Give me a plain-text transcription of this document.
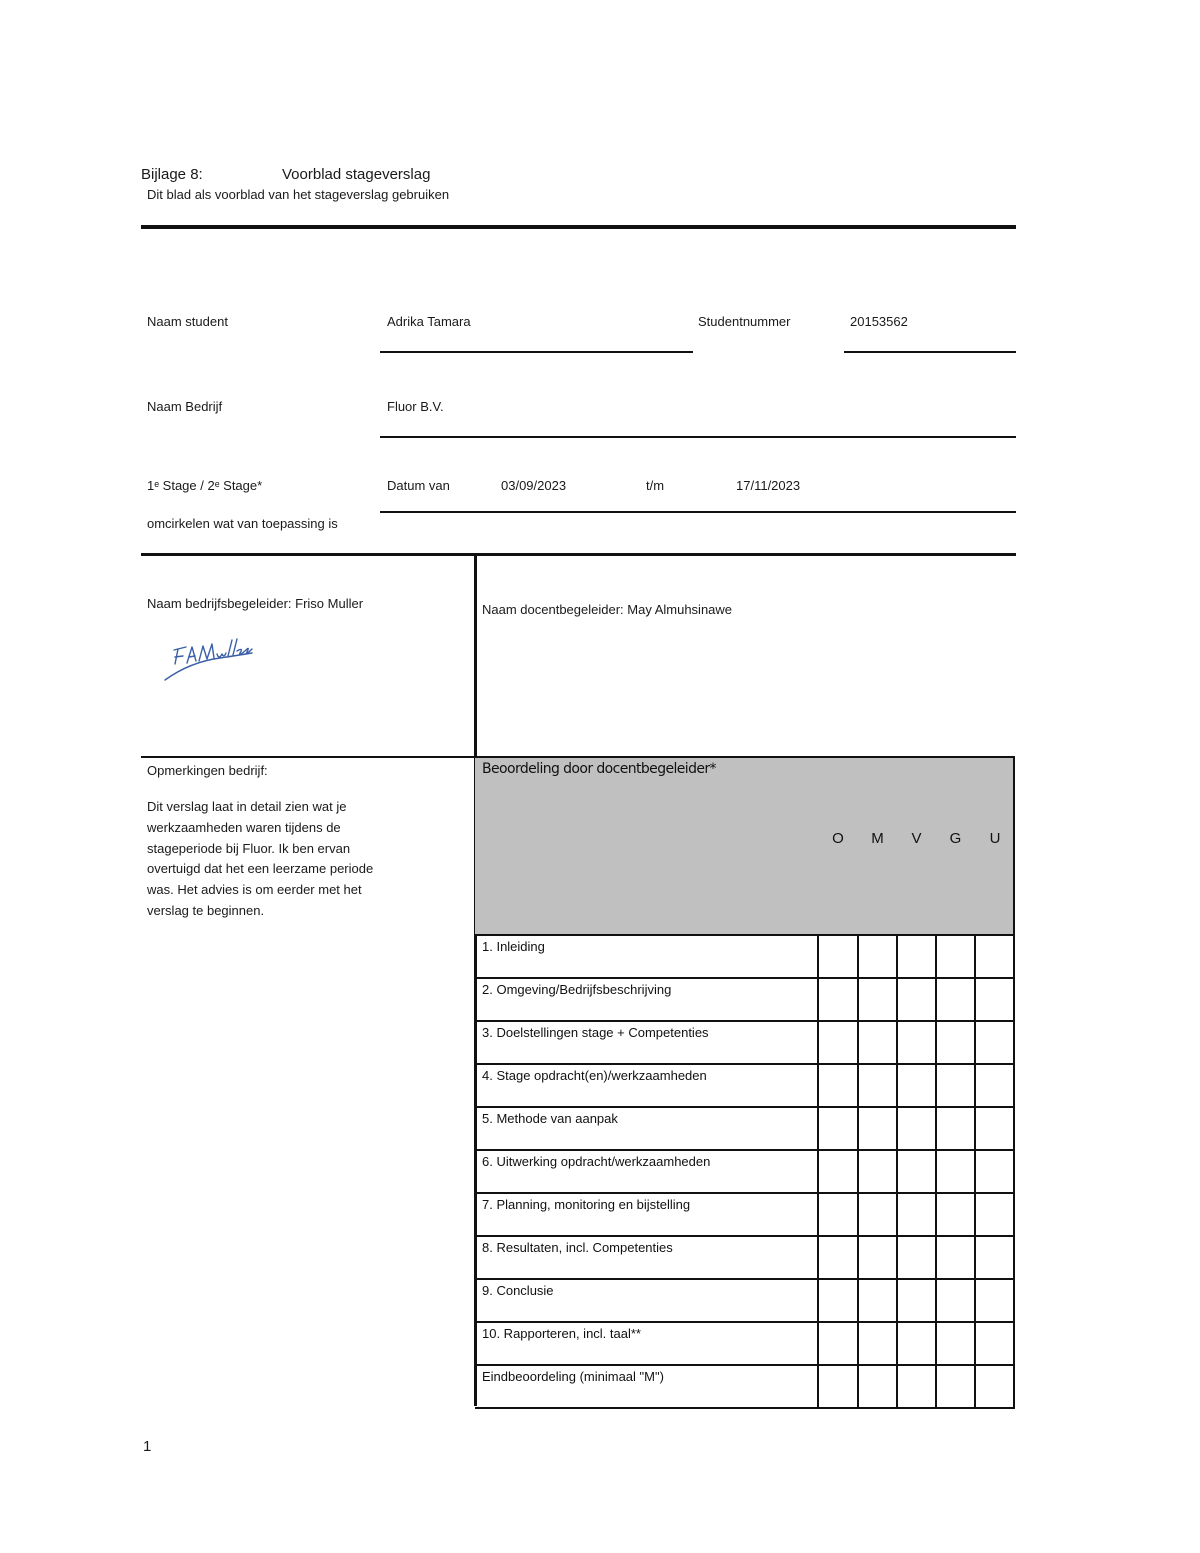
Bijlage 8:	Voorblad stageverslag
Dit blad als voorblad van het stageverslag gebruiken
Naam student	Adrika Tamara	Studentnummer	20153562
Naam Bedrijf	Fluor B.V.
1ᵉ Stage / 2ᵉ Stage*	Datum van	03/09/2023	t/m	17/11/2023
omcirkelen wat van toepassing is
Naam bedrijfsbegeleider: Friso Muller	Naam docentbegeleider: May Almuhsinawe
Opmerkingen bedrijf:
Dit verslag laat in detail zien wat je werkzaamheden waren tijdens de stageperiode bij Fluor. Ik ben ervan overtuigd dat het een leerzame periode was. Het advies is om eerder met het verslag te beginnen.
Beoordeling door docentbegeleider*
O	M	V	G	U
1. Inleiding
2. Omgeving/Bedrijfsbeschrijving
3. Doelstellingen stage + Competenties
4. Stage opdracht(en)/werkzaamheden
5. Methode van aanpak
6. Uitwerking opdracht/werkzaamheden
7. Planning, monitoring en bijstelling
8. Resultaten, incl. Competenties
9. Conclusie
10. Rapporteren, incl. taal**
Eindbeoordeling (minimaal "M")
1
